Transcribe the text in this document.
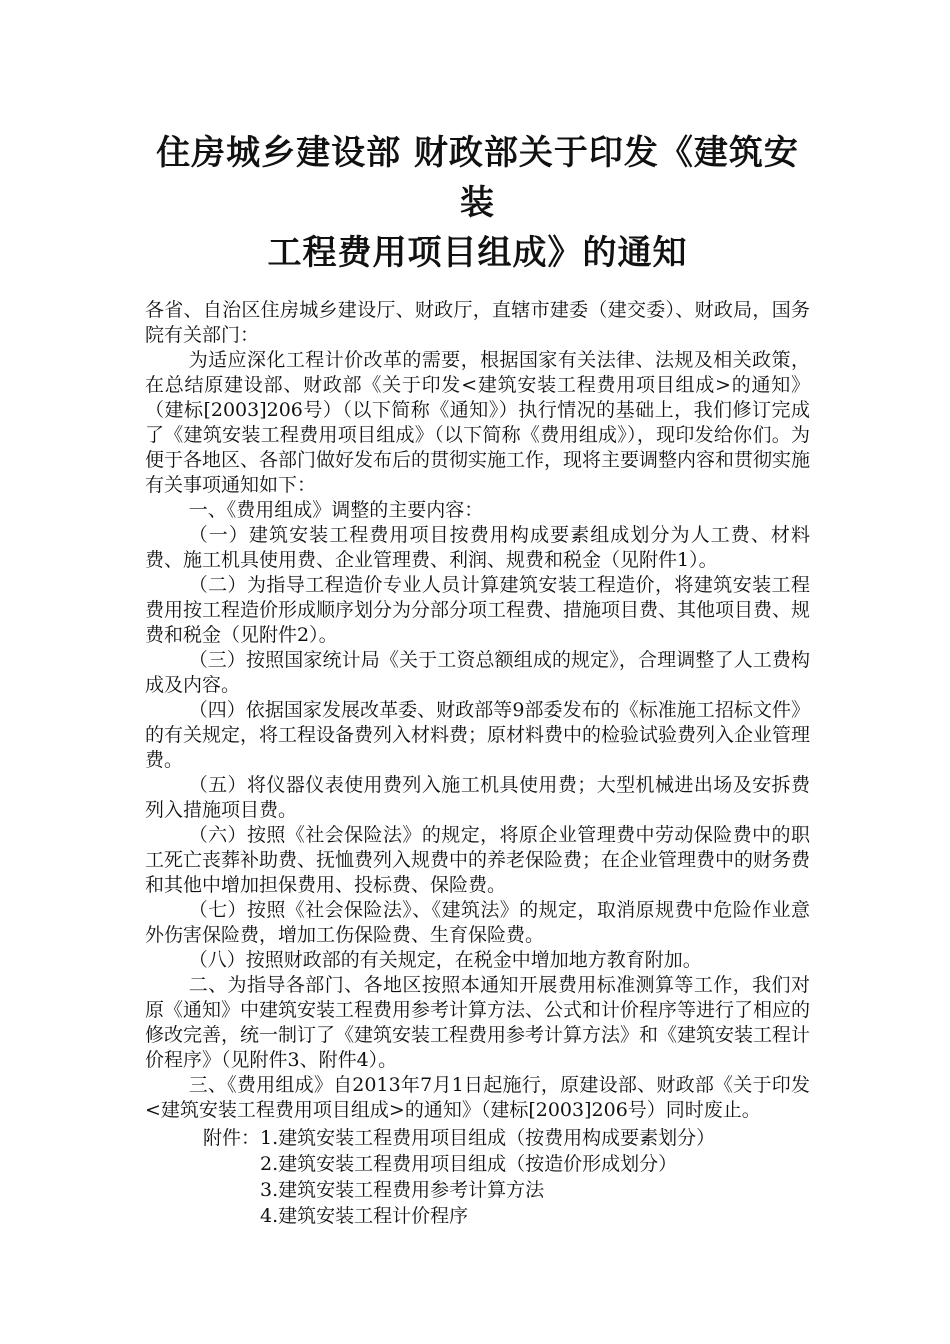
住房城乡建设部 财政部关于印发《建筑安装
工程费用项目组成》的通知

各省、自治区住房城乡建设厅、财政厅，直辖市建委（建交委）、财政局，国务院有关部门：

为适应深化工程计价改革的需要，根据国家有关法律、法规及相关政策，在总结原建设部、财政部《关于印发<建筑安装工程费用项目组成>的通知》（建标[2003]206号）（以下简称《通知》）执行情况的基础上，我们修订完成了《建筑安装工程费用项目组成》（以下简称《费用组成》），现印发给你们。为便于各地区、各部门做好发布后的贯彻实施工作，现将主要调整内容和贯彻实施有关事项通知如下：

一、《费用组成》调整的主要内容：

（一）建筑安装工程费用项目按费用构成要素组成划分为人工费、材料费、施工机具使用费、企业管理费、利润、规费和税金（见附件1）。

（二）为指导工程造价专业人员计算建筑安装工程造价，将建筑安装工程费用按工程造价形成顺序划分为分部分项工程费、措施项目费、其他项目费、规费和税金（见附件2）。

（三）按照国家统计局《关于工资总额组成的规定》，合理调整了人工费构成及内容。

（四）依据国家发展改革委、财政部等9部委发布的《标准施工招标文件》的有关规定，将工程设备费列入材料费；原材料费中的检验试验费列入企业管理费。

（五）将仪器仪表使用费列入施工机具使用费；大型机械进出场及安拆费列入措施项目费。

（六）按照《社会保险法》的规定，将原企业管理费中劳动保险费中的职工死亡丧葬补助费、抚恤费列入规费中的养老保险费；在企业管理费中的财务费和其他中增加担保费用、投标费、保险费。

（七）按照《社会保险法》、《建筑法》的规定，取消原规费中危险作业意外伤害保险费，增加工伤保险费、生育保险费。

（八）按照财政部的有关规定，在税金中增加地方教育附加。

二、为指导各部门、各地区按照本通知开展费用标准测算等工作，我们对原《通知》中建筑安装工程费用参考计算方法、公式和计价程序等进行了相应的修改完善，统一制订了《建筑安装工程费用参考计算方法》和《建筑安装工程计价程序》（见附件3、附件4）。

三、《费用组成》自2013年7月1日起施行，原建设部、财政部《关于印发<建筑安装工程费用项目组成>的通知》（建标[2003]206号）同时废止。

附件： 1.建筑安装工程费用项目组成（按费用构成要素划分）
2.建筑安装工程费用项目组成（按造价形成划分）
3.建筑安装工程费用参考计算方法
4.建筑安装工程计价程序
